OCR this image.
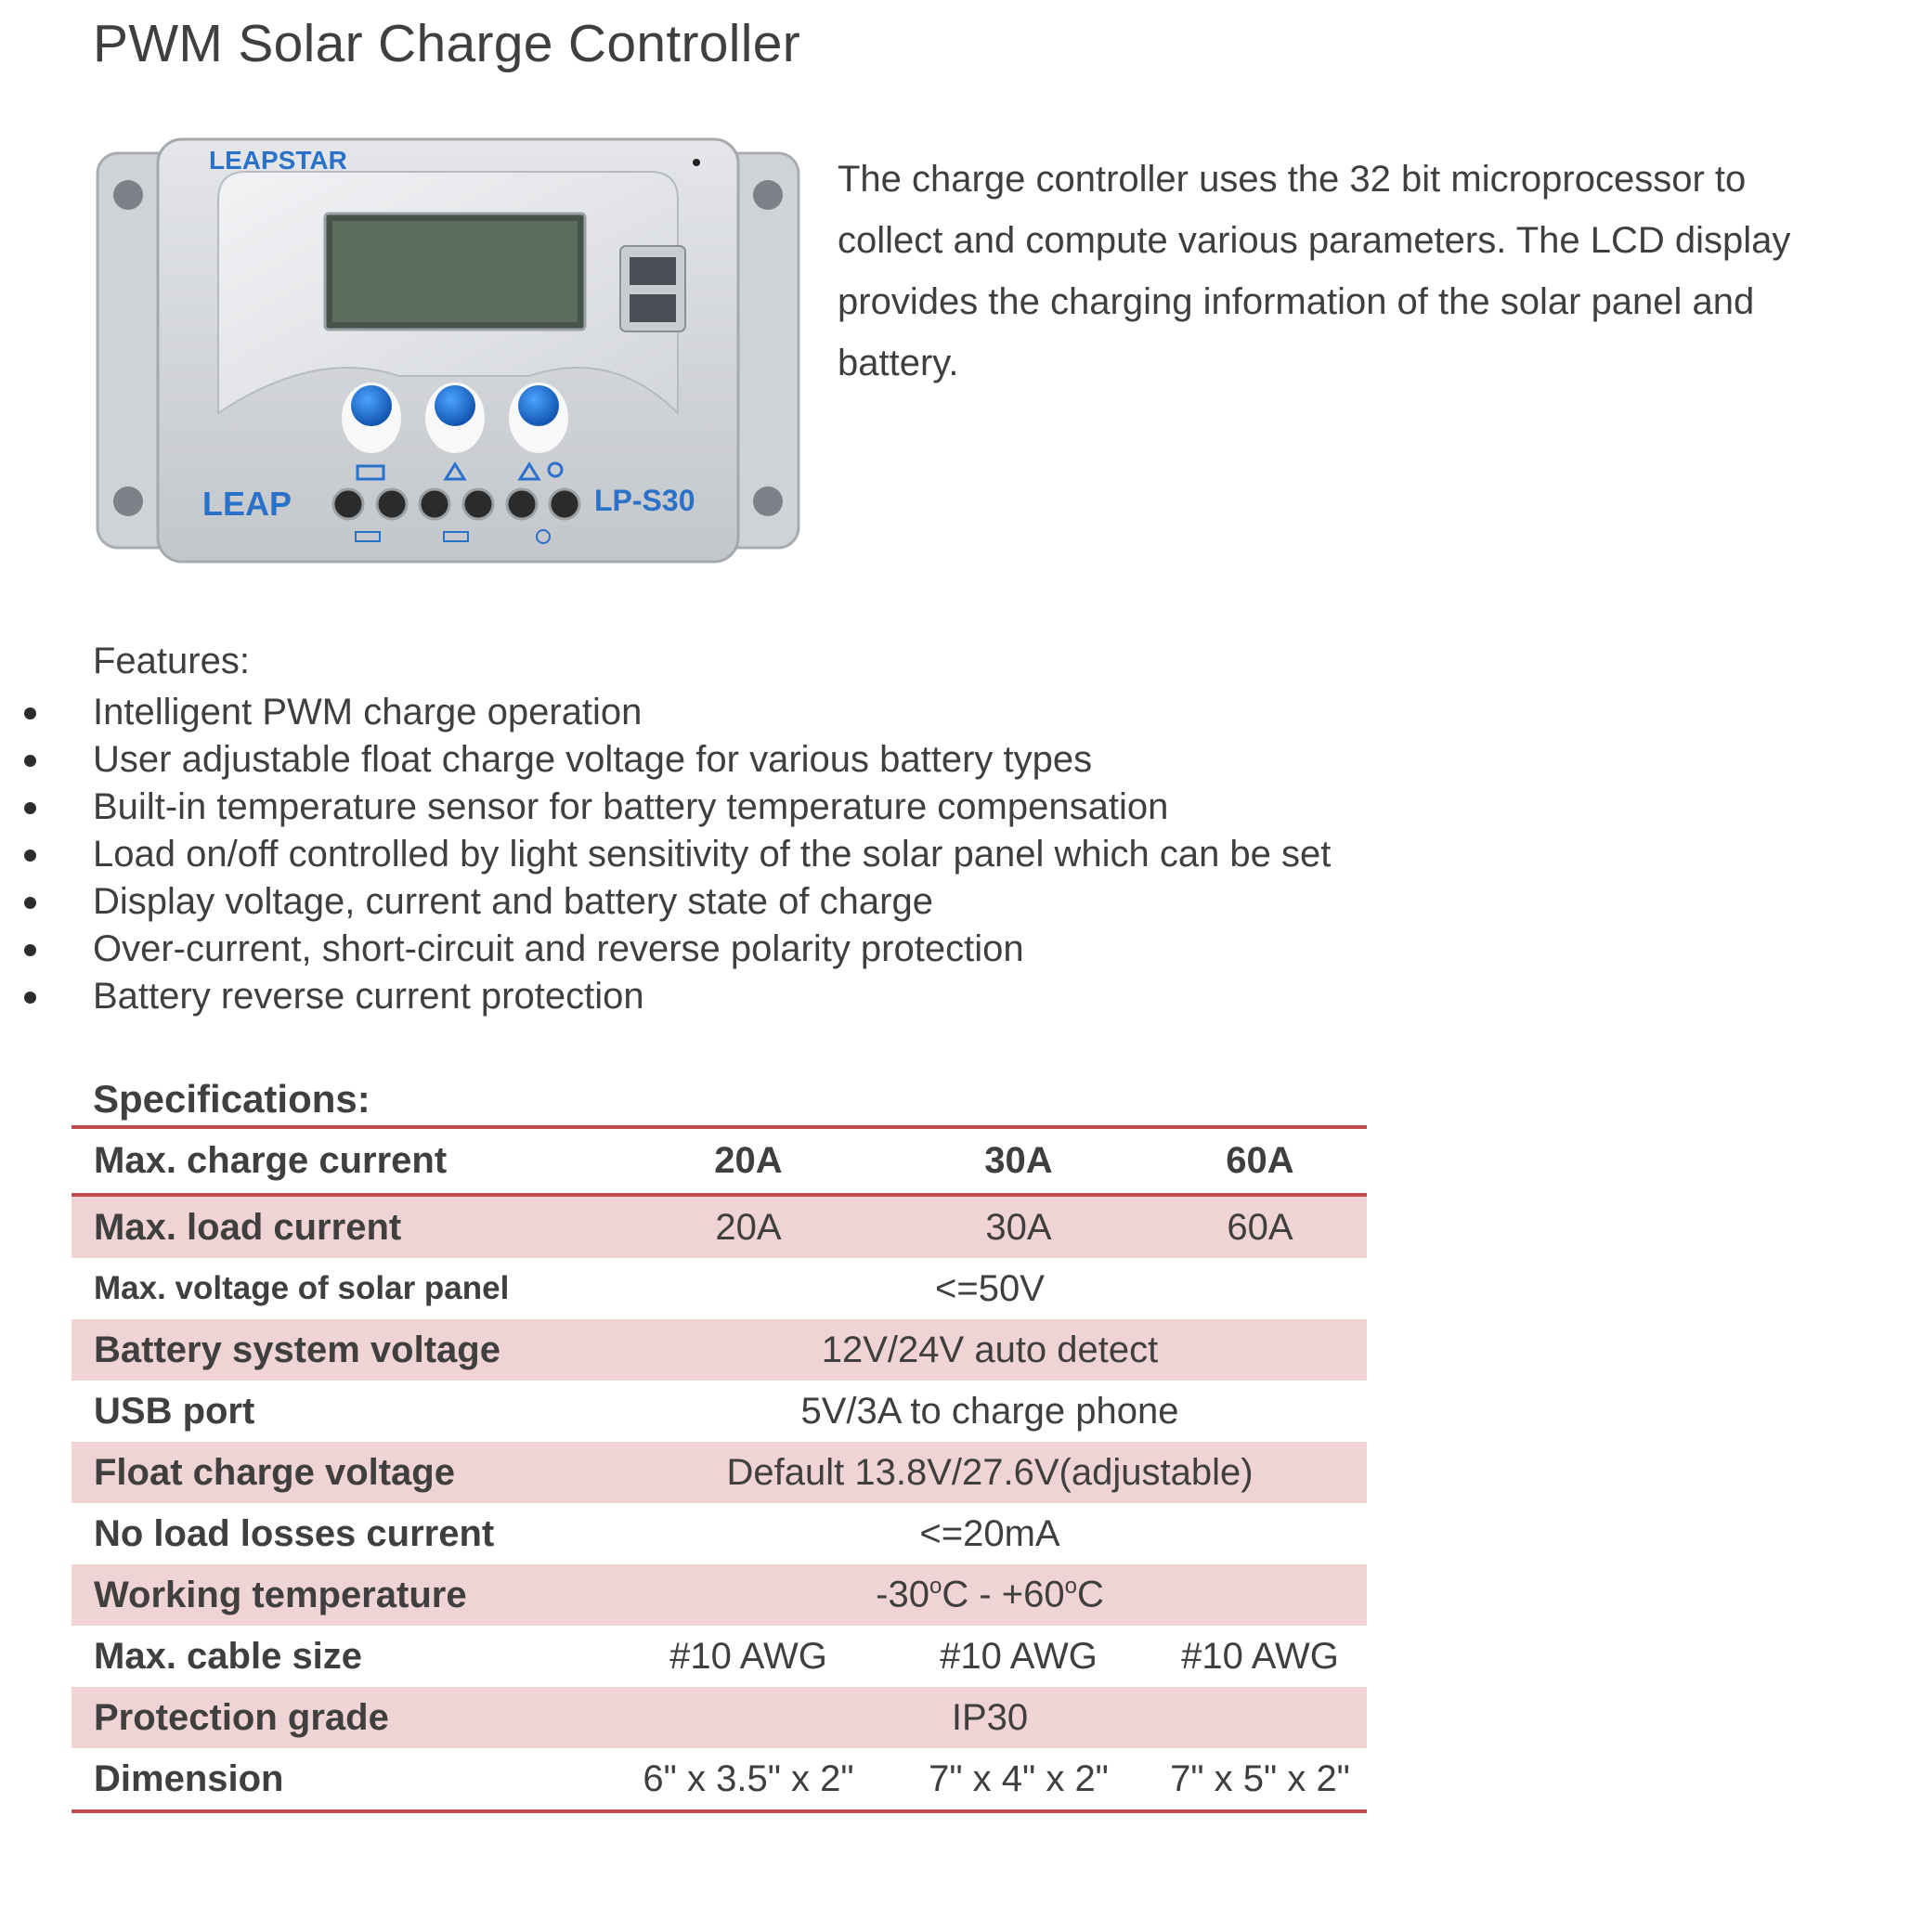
PWM Solar Charge Controller
LEAPSTAR
LEAP	LP-S30

The charge controller uses the 32 bit microprocessor to collect and compute various parameters. The LCD display provides the charging information of the solar panel and battery.

Features:

Intelligent PWM charge operation
User adjustable float charge voltage for various battery types
Built-in temperature sensor for battery temperature compensation
Load on/off controlled by light sensitivity of the solar panel which can be set
Display voltage, current and battery state of charge
Over-current, short-circuit and reverse polarity protection
Battery reverse current protection

Specifications:

Max. charge current	20A	30A	60A
Max. load current	20A	30A	60A
Max. voltage of solar panel	<=50V		
Battery system voltage	12V/24V auto detect		
USB port	5V/3A to charge phone		
Float charge voltage	Default 13.8V/27.6V(adjustable)		
No load losses current	<=20mA		
Working temperature	$-30^oC - +60^oC$		
Max. cable size	#10 AWG	#10 AWG	#10 AWG
Protection grade	IP30		
Dimension	6" x 3.5" x 2"	7" x 4" x 2"	7" x 5" x 2"
